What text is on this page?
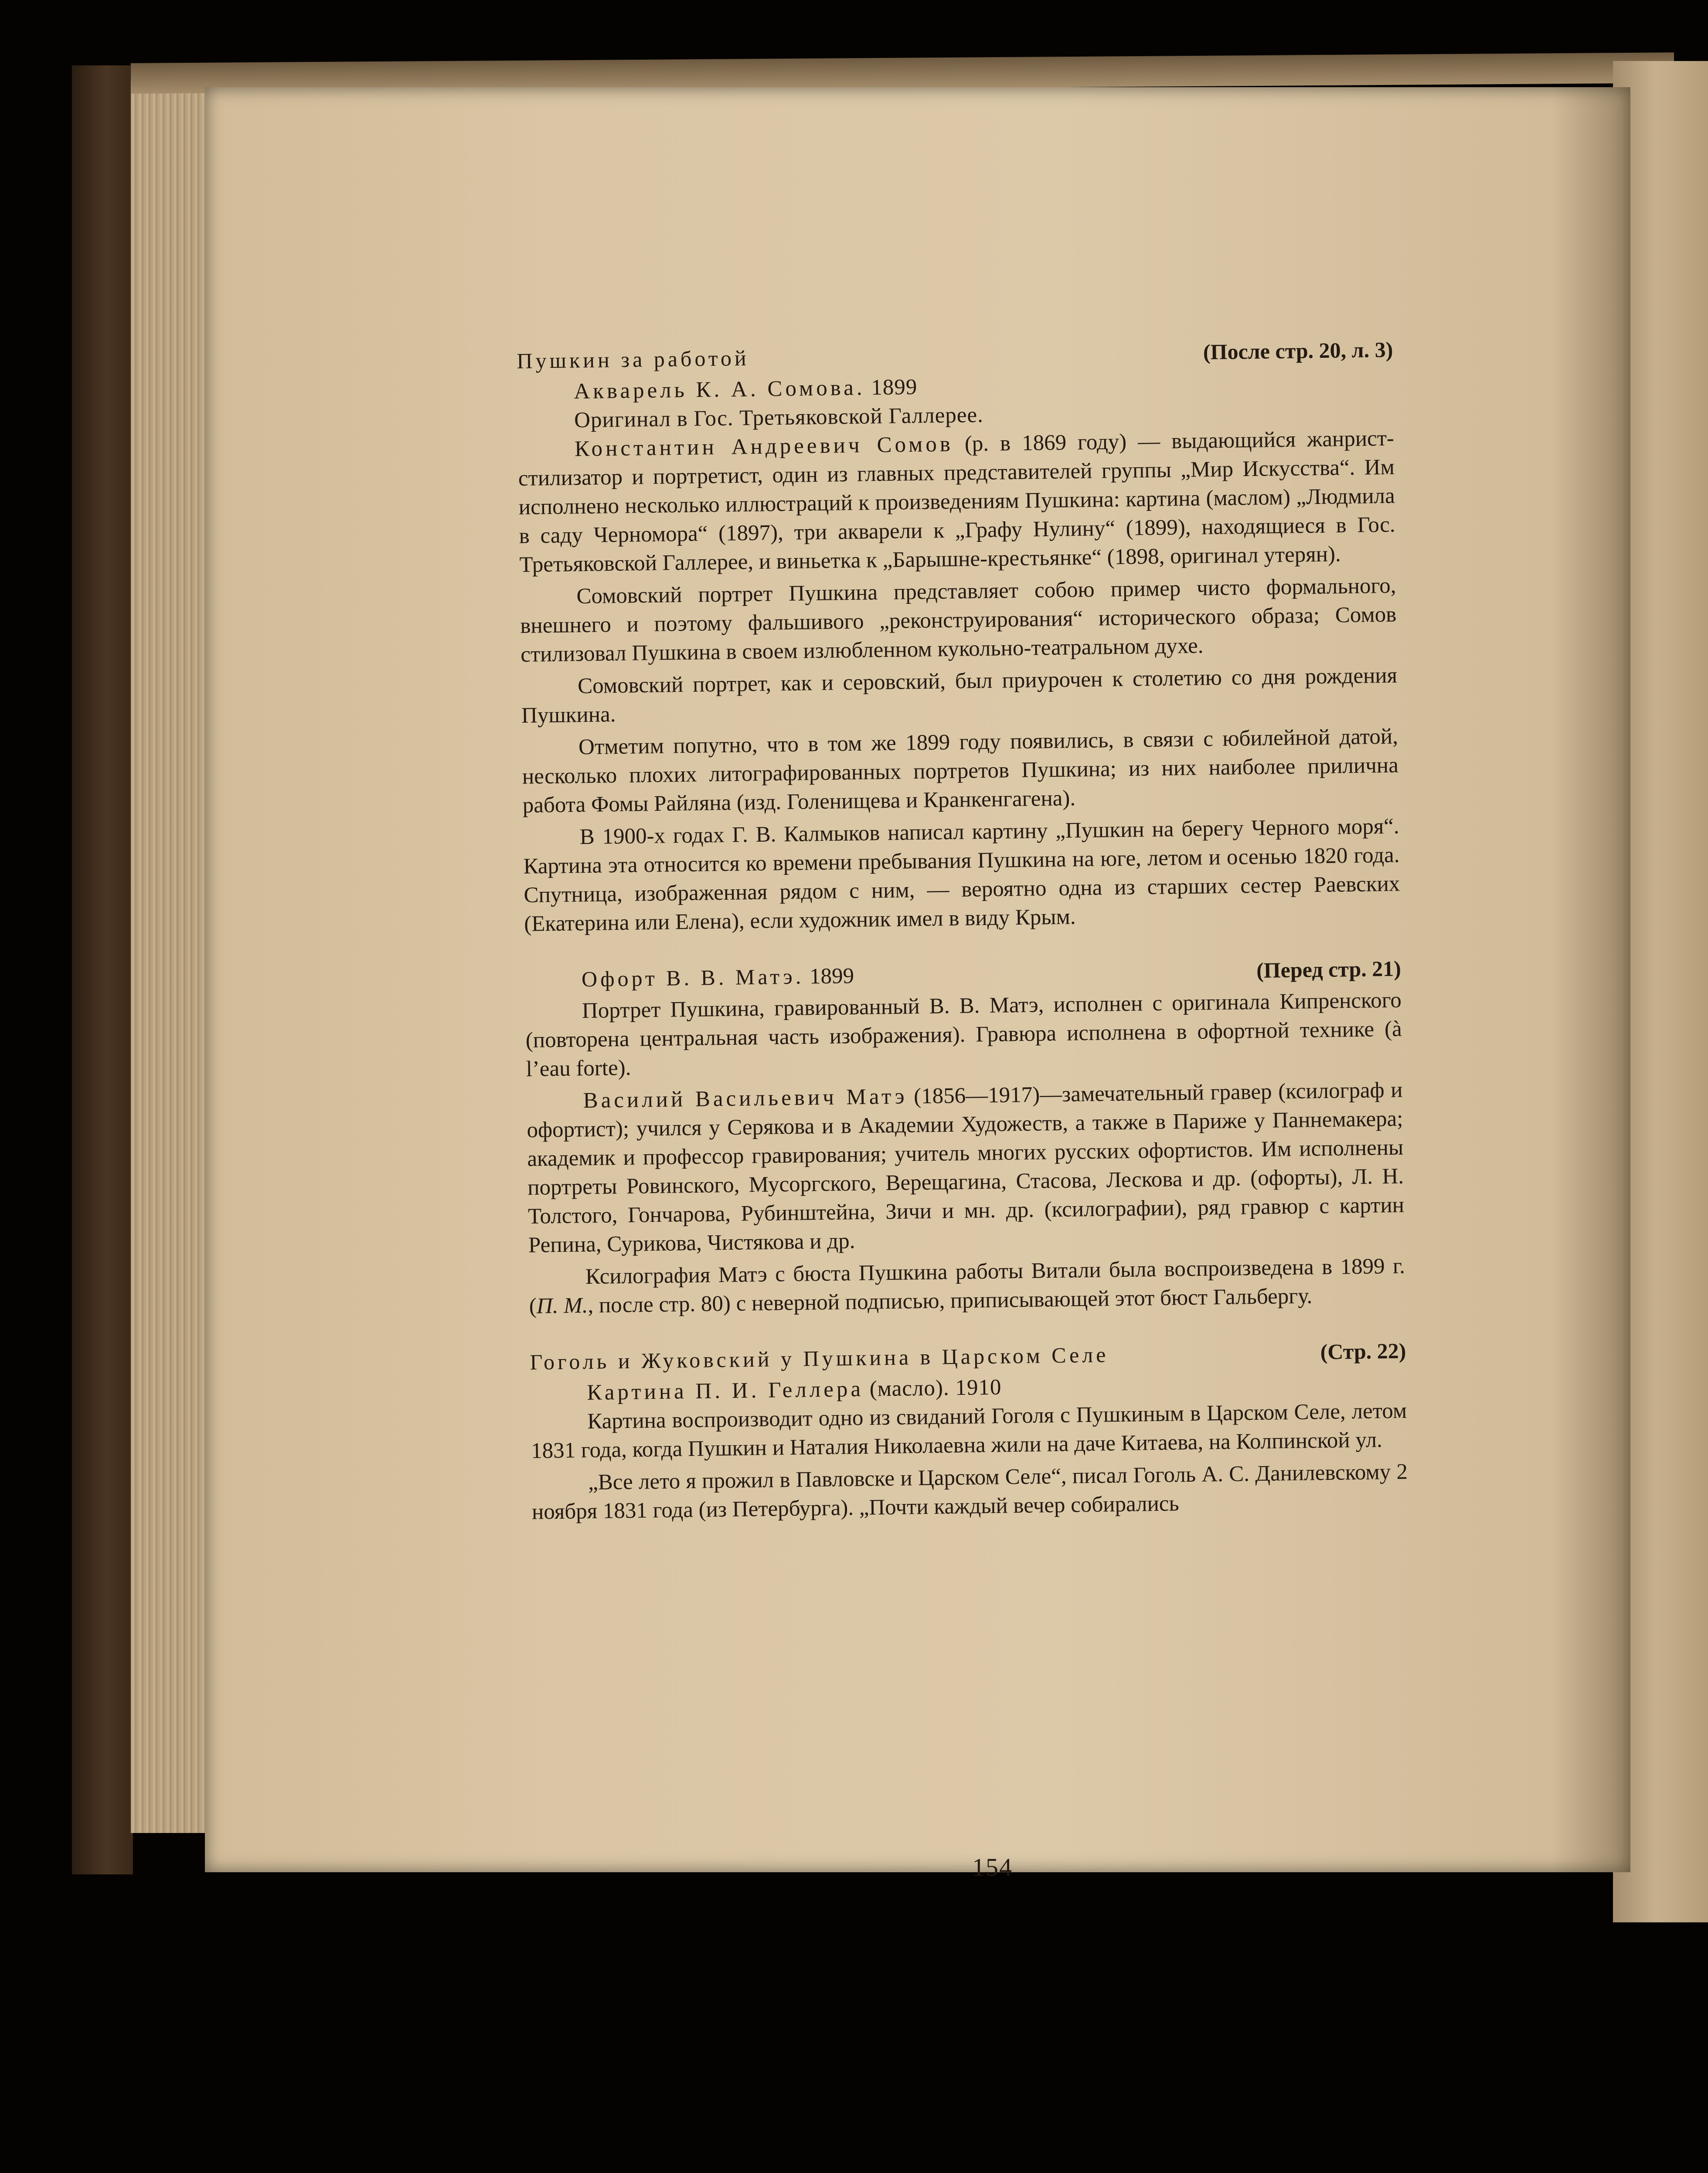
Пушкин за работой	(После стр. 20, л. 3)
Акварель К. А. Сомова. 1899
Оригинал в Гос. Третьяковской Галлерее.

Константин Андреевич Сомов (р. в 1869 году) — выдающийся жанрист-стилизатор и портретист, один из главных представителей группы „Мир Искусства“. Им исполнено несколько иллюстраций к произведениям Пушкина: картина (маслом) „Людмила в саду Черномора“ (1897), три акварели к „Графу Нулину“ (1899), находящиеся в Гос. Третьяковской Галлерее, и виньетка к „Барышне-крестьянке“ (1898, оригинал утерян).

Сомовский портрет Пушкина представляет собою пример чисто формального, внешнего и поэтому фальшивого „реконструирования“ исторического образа; Сомов стилизовал Пушкина в своем излюбленном кукольно-театральном духе.

Сомовский портрет, как и серовский, был приурочен к столетию со дня рождения Пушкина.

Отметим попутно, что в том же 1899 году появились, в связи с юбилейной датой, несколько плохих литографированных портретов Пушкина; из них наиболее прилична работа Фомы Райляна (изд. Голенищева и Кранкенгагена).

В 1900-х годах Г. В. Калмыков написал картину „Пушкин на берегу Черного моря“. Картина эта относится ко времени пребывания Пушкина на юге, летом и осенью 1820 года. Спутница, изображенная рядом с ним, — вероятно одна из старших сестер Раевских (Екатерина или Елена), если художник имел в виду Крым.

Офорт В. В. Матэ. 1899	(Перед стр. 21)

Портрет Пушкина, гравированный В. В. Матэ, исполнен с оригинала Кипренского (повторена центральная часть изображения). Гравюра исполнена в офортной технике (à l’eau forte).

Василий Васильевич Матэ (1856—1917)—замечательный гравер (ксилограф и офортист); учился у Серякова и в Академии Художеств, а также в Париже у Паннемакера; академик и профессор гравирования; учитель многих русских офортистов. Им исполнены портреты Ровинского, Мусоргского, Верещагина, Стасова, Лескова и др. (офорты), Л. Н. Толстого, Гончарова, Рубинштейна, Зичи и мн. др. (ксилографии), ряд гравюр с картин Репина, Сурикова, Чистякова и др.

Ксилография Матэ с бюста Пушкина работы Витали была воспроизведена в 1899 г. (П. М., после стр. 80) с неверной подписью, приписывающей этот бюст Гальбергу.

Гоголь и Жуковский у Пушкина в Царском Селе	(Стр. 22)
Картина П. И. Геллера (масло). 1910

Картина воспроизводит одно из свиданий Гоголя с Пушкиным в Царском Селе, летом 1831 года, когда Пушкин и Наталия Николаевна жили на даче Китаева, на Колпинской ул.

„Все лето я прожил в Павловске и Царском Селе“, писал Гоголь А. С. Данилевскому 2 ноября 1831 года (из Петербурга). „Почти каждый вечер собирались

154
